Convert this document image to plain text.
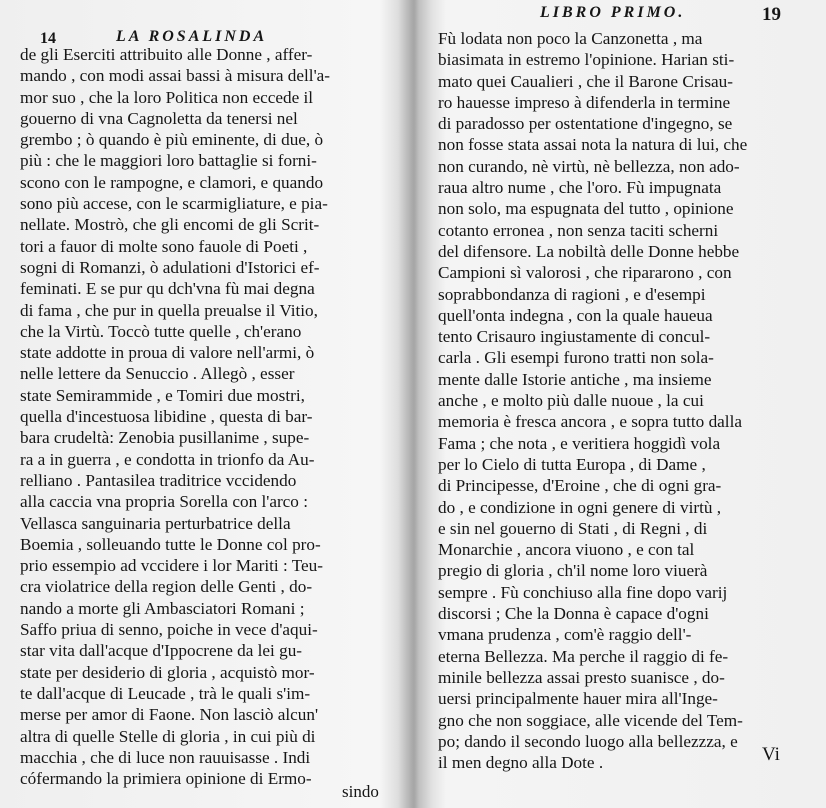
14	LA ROSALINDA
de gli Eserciti attribuito alle Donne , affer-
mando , con modi assai bassi à misura dell'a-
mor suo , che la loro Politica non eccede il
gouerno di vna Cagnoletta da tenersi nel
grembo ; ò quando è più eminente, di due, ò
più : che le maggiori loro battaglie si forni-
scono con le rampogne, e clamori, e quando
sono più accese, con le scarmigliature, e pia-
nellate. Mostrò, che gli encomi de gli Scrit-
tori a fauor di molte sono fauole di Poeti ,
sogni di Romanzi, ò adulationi d'Istorici ef-
feminati. E se pur qu dch'vna fù mai degna
di fama , che pur in quella preualse il Vitio,
che la Virtù. Toccò tutte quelle , ch'erano
state addotte in proua di valore nell'armi, ò
nelle lettere da Senuccio . Allegò , esser
state Semirammide , e Tomiri due mostri,
quella d'incestuosa libidine , questa di bar-
bara crudeltà: Zenobia pusillanime , supe-
ra a in guerra , e condotta in trionfo da Au-
relliano . Pantasilea traditrice vccidendo
alla caccia vna propria Sorella con l'arco :
Vellasca sanguinaria perturbatrice della
Boemia , solleuando tutte le Donne col pro-
prio essempio ad vccidere i lor Mariti : Teu-
cra violatrice della region delle Genti , do-
nando a morte gli Ambasciatori Romani ;
Saffo priua di senno, poiche in vece d'aqui-
star vita dall'acque d'Ippocrene da lei gu-
state per desiderio di gloria , acquistò mor-
te dall'acque di Leucade , trà le quali s'im-
merse per amor di Faone. Non lasciò alcun'
altra di quelle Stelle di gloria , in cui più di
macchia , che di luce non rauuisasse . Indi
cófermando la primiera opinione di Ermo-
sindo
LIBRO PRIMO.	19
Fù lodata non poco la Canzonetta , ma
biasimata in estremo l'opinione. Harian sti-
mato quei Caualieri , che il Barone Crisau-
ro hauesse impreso à difenderla in termine
di paradosso per ostentatione d'ingegno, se
non fosse stata assai nota la natura di lui, che
non curando, nè virtù, nè bellezza, non ado-
raua altro nume , che l'oro. Fù impugnata
non solo, ma espugnata del tutto , opinione
cotanto erronea , non senza taciti scherni
del difensore. La nobiltà delle Donne hebbe
Campioni sì valorosi , che ripararono , con
soprabbondanza di ragioni , e d'esempi
quell'onta indegna , con la quale haueua
tento Crisauro ingiustamente di concul-
carla . Gli esempi furono tratti non sola-
mente dalle Istorie antiche , ma insieme
anche , e molto più dalle nuoue , la cui
memoria è fresca ancora , e sopra tutto dalla
Fama ; che nota , e veritiera hoggidì vola
per lo Cielo di tutta Europa , di Dame ,
di Principesse, d'Eroine , che di ogni gra-
do , e condizione in ogni genere di virtù ,
e sin nel gouerno di Stati , di Regni , di
Monarchie , ancora viuono , e con tal
pregio di gloria , ch'il nome loro viuerà
sempre . Fù conchiuso alla fine dopo varij
discorsi ; Che la Donna è capace d'ogni
vmana prudenza , com'è raggio dell'-
eterna Bellezza. Ma perche il raggio di fe-
minile bellezza assai presto suanisce , do-
uersi principalmente hauer mira all'Inge-
gno che non soggiace, alle vicende del Tem-
po; dando il secondo luogo alla bellezzza, e
il men degno alla Dote .	Vi
